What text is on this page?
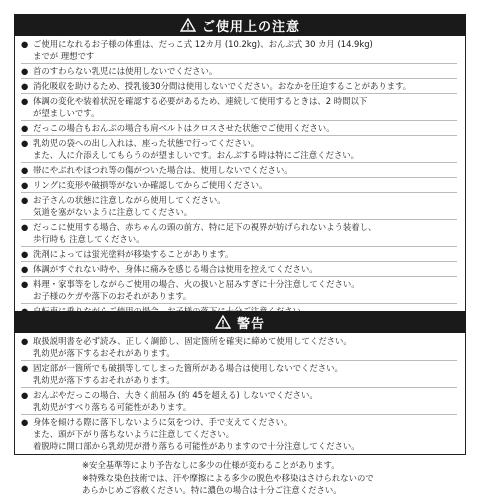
ご使用上の注意
● ご使用になれるお子様の体重は、だっこ式 12カ月 (10.2kg)、おんぶ式 30 カ月 (14.9kg)
までが 理想です
● 首のすわらない乳児には使用しないでください。
● 消化吸収を助けるため、授乳後30分間は使用しないでください。おなかを圧迫することがあります。
● 体調の変化や装着状況を確認する必要があるため、連続して使用するときは、2 時間以下
が望ましいです。
● だっこの場合もおんぶの場合も肩ベルトはクロスさせた状態でご使用ください。
● 乳幼児の袋への出し入れは、座った状態で行ってください。
また、人に介添えしてもらうのが望ましいです。おんぶする時は特にご注意ください。
● 帯にやぶれやほつれ等の傷がついた場合は、使用しないでください。
● リングに変形や破損等がないか確認してからご使用ください。
● お子さんの状態に注意しながら使用してください。
気道を塞がないように注意してください。
● だっこに使用する場合、赤ちゃんの頭の前方、特に足下の視界が妨げられないよう装着し、
歩行時も 注意してください。
● 洗剤によっては蛍光塗料が移染することがあります。
● 体調がすぐれない時や、身体に痛みを感じる場合は使用を控えてください。
● 料理・家事等をしながらご使用の場合、火の扱いと屈みすぎに十分注意してください。
お子様のケガや落下のおそれがあります。
警告
● 取扱説明書を必ず読み、正しく調節し、固定箇所を確実に締めて使用してください。
乳幼児が落下するおそれがあります。
● 固定部が一箇所でも破損等してしまった箇所がある場合は使用しないでください。
乳幼児が落下するおそれがあります。
● おんぶやだっこの場合、大きく前屈み (約 45を超える) しないでください。
乳幼児がすべり落ちる可能性があります。
● 身体を傾ける際に落下しないように気をつけ、手で支えてください。
また、頭が下がり落ちないように注意してください。
着脱時に開口部から乳幼児が滑り落ちる可能性がありますので十分注意してください。
※安全基準等により予告なしに多少の仕様が変わることがあります。
※特殊な染色技術では、汗や摩擦による多少の脱色や移染はさけられないので
あらかじめご容赦ください。特に濃色の場合は十分ご注意ください。
